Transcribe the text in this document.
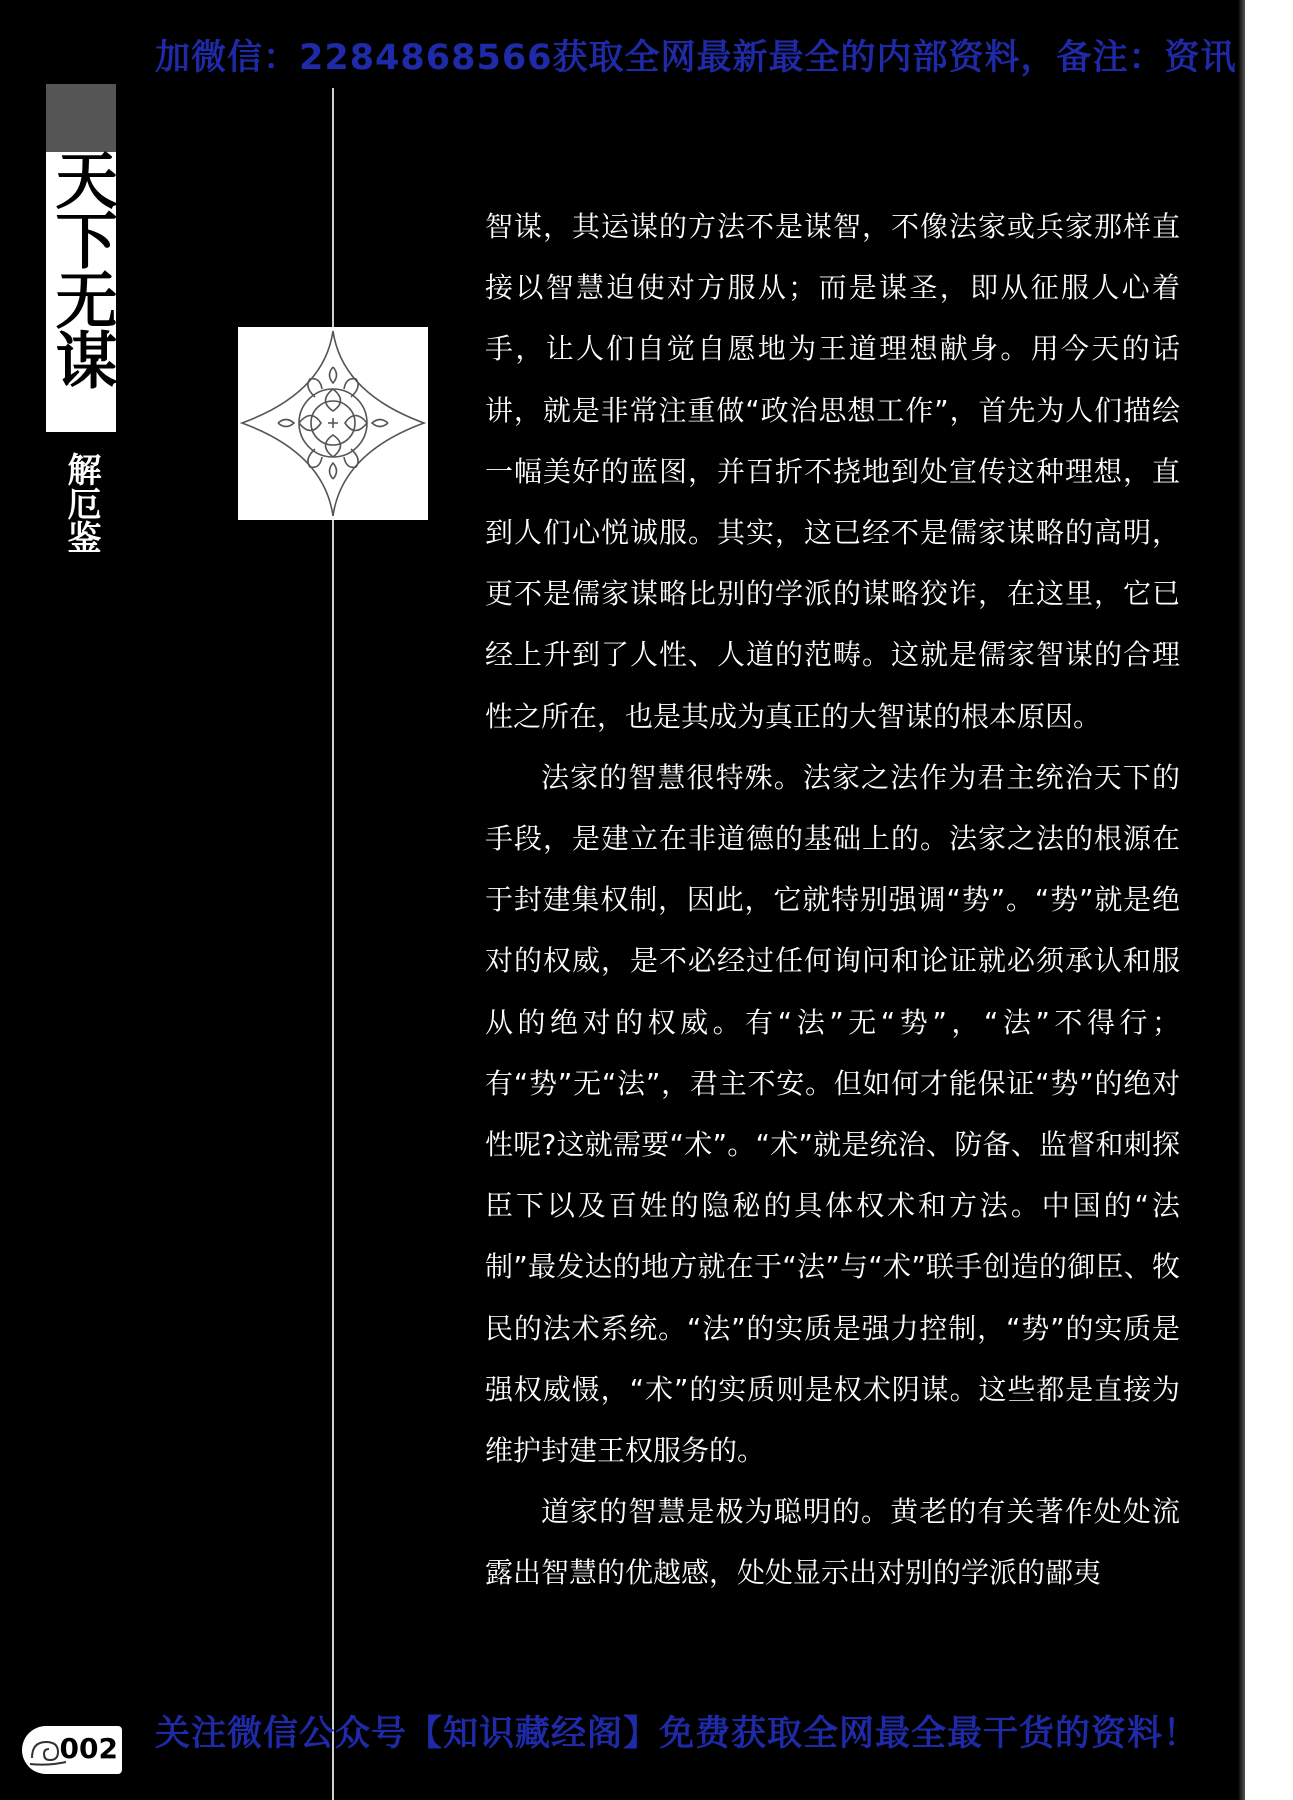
加微信：2284868566获取全网最新最全的内部资料，备注：资讯
天下无谋
解厄鉴

智谋，其运谋的方法不是谋智，不像法家或兵家那样直接以智慧迫使对方服从；而是谋圣，即从征服人心着手，让人们自觉自愿地为王道理想献身。用今天的话讲，就是非常注重做“政治思想工作”，首先为人们描绘一幅美好的蓝图，并百折不挠地到处宣传这种理想，直到人们心悦诚服。其实，这已经不是儒家谋略的高明，更不是儒家谋略比别的学派的谋略狡诈，在这里，它已经上升到了人性、人道的范畴。这就是儒家智谋的合理性之所在，也是其成为真正的大智谋的根本原因。

法家的智慧很特殊。法家之法作为君主统治天下的手段，是建立在非道德的基础上的。法家之法的根源在于封建集权制，因此，它就特别强调“势”。“势”就是绝对的权威，是不必经过任何询问和论证就必须承认和服从的绝对的权威。有“法”无“势”，“法”不得行；有“势”无“法”，君主不安。但如何才能保证“势”的绝对性呢?这就需要“术”。“术”就是统治、防备、监督和刺探臣下以及百姓的隐秘的具体权术和方法。中国的“法制”最发达的地方就在于“法”与“术”联手创造的御臣、牧民的法术系统。“法”的实质是强力控制，“势”的实质是强权威慑，“术”的实质则是权术阴谋。这些都是直接为维护封建王权服务的。

道家的智慧是极为聪明的。黄老的有关著作处处流露出智慧的优越感，处处显示出对别的学派的鄙夷

关注微信公众号【知识藏经阁】免费获取全网最全最干货的资料！
002
